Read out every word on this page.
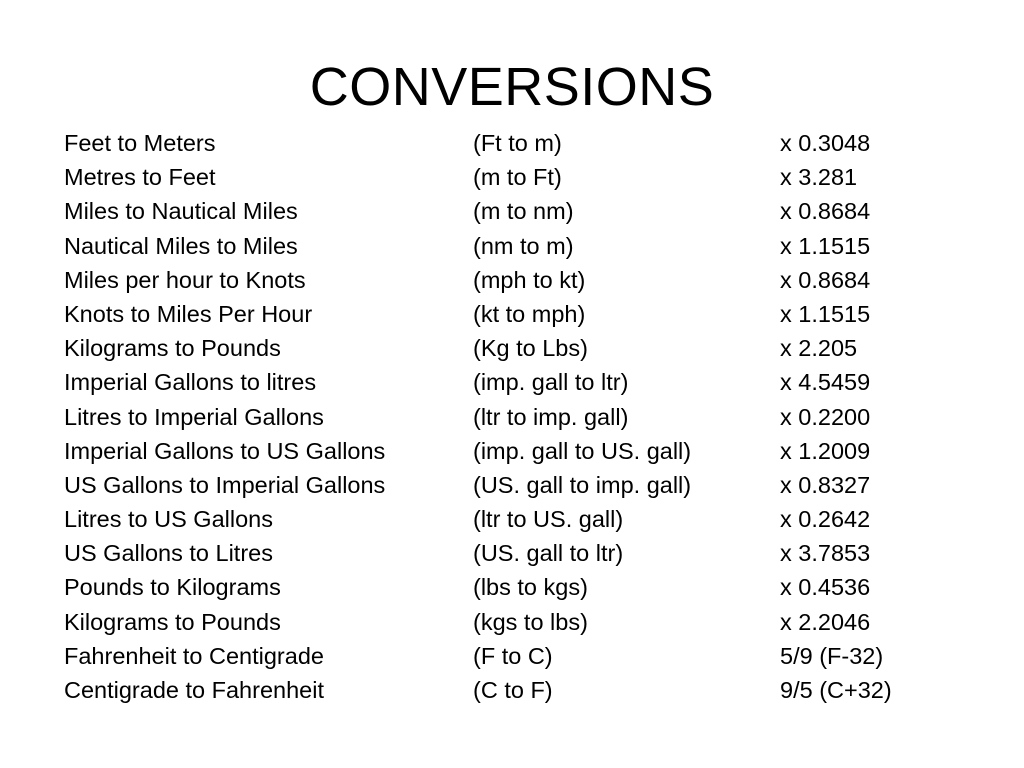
CONVERSIONS
Feet to Meters	(Ft to m)	x 0.3048
Metres to Feet	(m to Ft)	x 3.281
Miles to Nautical Miles	(m to nm)	x 0.8684
Nautical Miles to Miles	(nm to m)	x 1.1515
Miles per hour to Knots	(mph to kt)	x 0.8684
Knots to Miles Per Hour	(kt to mph)	x 1.1515
Kilograms to Pounds	(Kg to Lbs)	x 2.205
Imperial Gallons to litres	(imp. gall to ltr)	x 4.5459
Litres to Imperial Gallons	(ltr to imp. gall)	x 0.2200
Imperial Gallons to US Gallons	(imp. gall to US. gall)	x 1.2009
US Gallons to Imperial Gallons	(US. gall to imp. gall)	x 0.8327
Litres to US Gallons	(ltr to US. gall)	x 0.2642
US Gallons to Litres	(US. gall to ltr)	x 3.7853
Pounds to Kilograms	(lbs to kgs)	x 0.4536
Kilograms to Pounds	(kgs to lbs)	x 2.2046
Fahrenheit to Centigrade	(F to C)	5/9 (F-32)
Centigrade to Fahrenheit	(C to F)	9/5 (C+32)
